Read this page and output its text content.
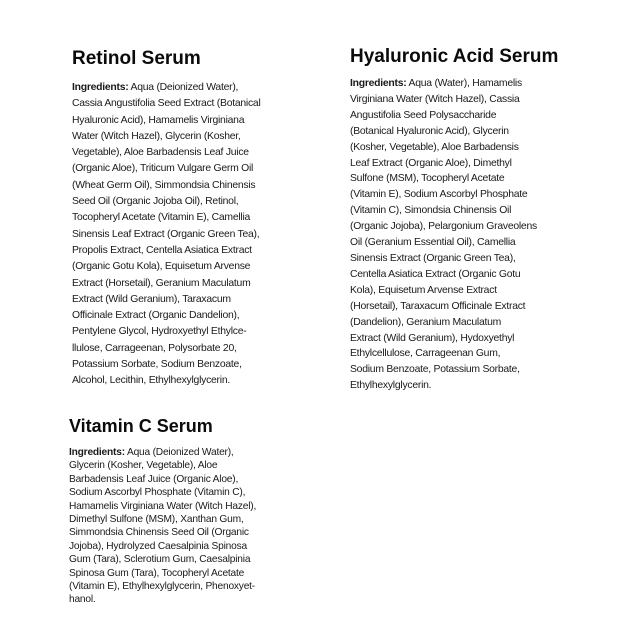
Retinol Serum
Ingredients: Aqua (Deionized Water),
Cassia Angustifolia Seed Extract (Botanical
Hyaluronic Acid), Hamamelis Virginiana
Water (Witch Hazel), Glycerin (Kosher,
Vegetable), Aloe Barbadensis Leaf Juice
(Organic Aloe), Triticum Vulgare Germ Oil
(Wheat Germ Oil), Simmondsia Chinensis
Seed Oil (Organic Jojoba Oil), Retinol,
Tocopheryl Acetate (Vitamin E), Camellia
Sinensis Leaf Extract (Organic Green Tea),
Propolis Extract, Centella Asiatica Extract
(Organic Gotu Kola), Equisetum Arvense
Extract (Horsetail), Geranium Maculatum
Extract (Wild Geranium), Taraxacum
Officinale Extract (Organic Dandelion),
Pentylene Glycol, Hydroxyethyl Ethylce-
llulose, Carrageenan, Polysorbate 20,
Potassium Sorbate, Sodium Benzoate,
Alcohol, Lecithin, Ethylhexylglycerin.
Hyaluronic Acid Serum
Ingredients: Aqua (Water), Hamamelis
Virginiana Water (Witch Hazel), Cassia
Angustifolia Seed Polysaccharide
(Botanical Hyaluronic Acid), Glycerin
(Kosher, Vegetable), Aloe Barbadensis
Leaf Extract (Organic Aloe), Dimethyl
Sulfone (MSM), Tocopheryl Acetate
(Vitamin E), Sodium Ascorbyl Phosphate
(Vitamin C), Simondsia Chinensis Oil
(Organic Jojoba), Pelargonium Graveolens
Oil (Geranium Essential Oil), Camellia
Sinensis Extract (Organic Green Tea),
Centella Asiatica Extract (Organic Gotu
Kola), Equisetum Arvense Extract
(Horsetail), Taraxacum Officinale Extract
(Dandelion), Geranium Maculatum
Extract (Wild Geranium), Hydoxyethyl
Ethylcellulose, Carrageenan Gum,
Sodium Benzoate, Potassium Sorbate,
Ethylhexylglycerin.
Vitamin C Serum
Ingredients: Aqua (Deionized Water),
Glycerin (Kosher, Vegetable), Aloe
Barbadensis Leaf Juice (Organic Aloe),
Sodium Ascorbyl Phosphate (Vitamin C),
Hamamelis Virginiana Water (Witch Hazel),
Dimethyl Sulfone (MSM), Xanthan Gum,
Simmondsia Chinensis Seed Oil (Organic
Jojoba), Hydrolyzed Caesalpinia Spinosa
Gum (Tara), Sclerotium Gum, Caesalpinia
Spinosa Gum (Tara), Tocopheryl Acetate
(Vitamin E), Ethylhexylglycerin, Phenoxyet-
hanol.
